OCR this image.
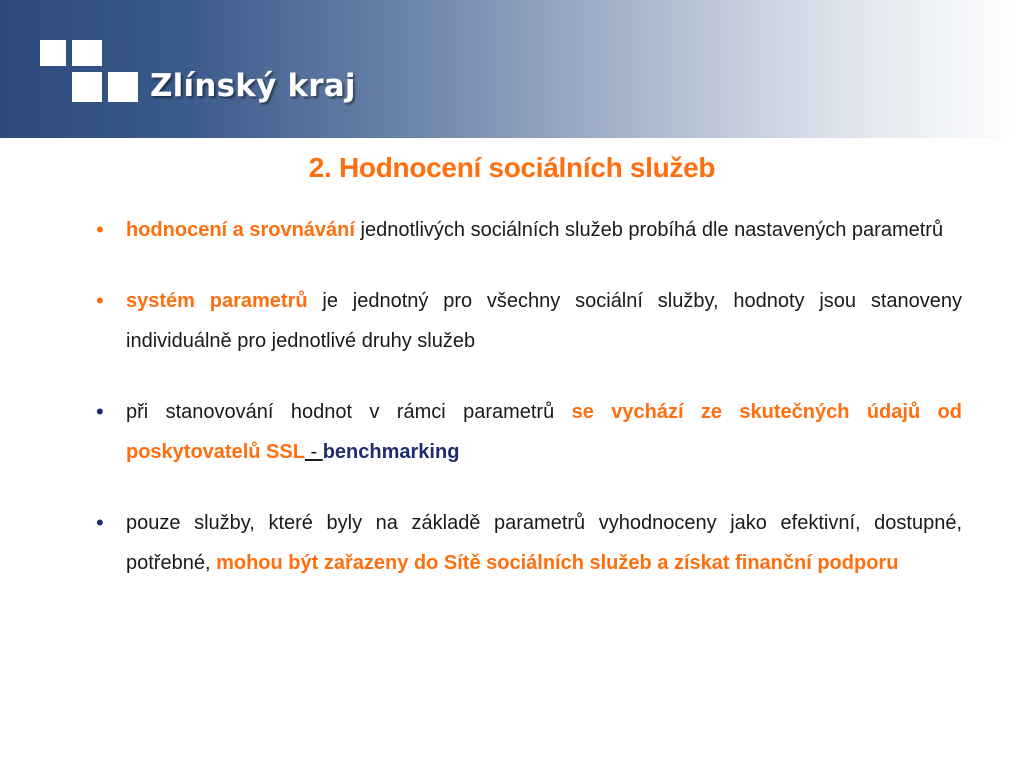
Zlínský kraj
2. Hodnocení sociálních služeb
• hodnocení a srovnávání jednotlivých sociálních služeb probíhá dle nastavených parametrů
• systém parametrů je jednotný pro všechny sociální služby, hodnoty jsou stanoveny individuálně pro jednotlivé druhy služeb
• při stanovování hodnot v rámci parametrů se vychází ze skutečných údajů od poskytovatelů SSL - benchmarking
• pouze služby, které byly na základě parametrů vyhodnoceny jako efektivní, dostupné, potřebné, mohou být zařazeny do Sítě sociálních služeb a získat finanční podporu
